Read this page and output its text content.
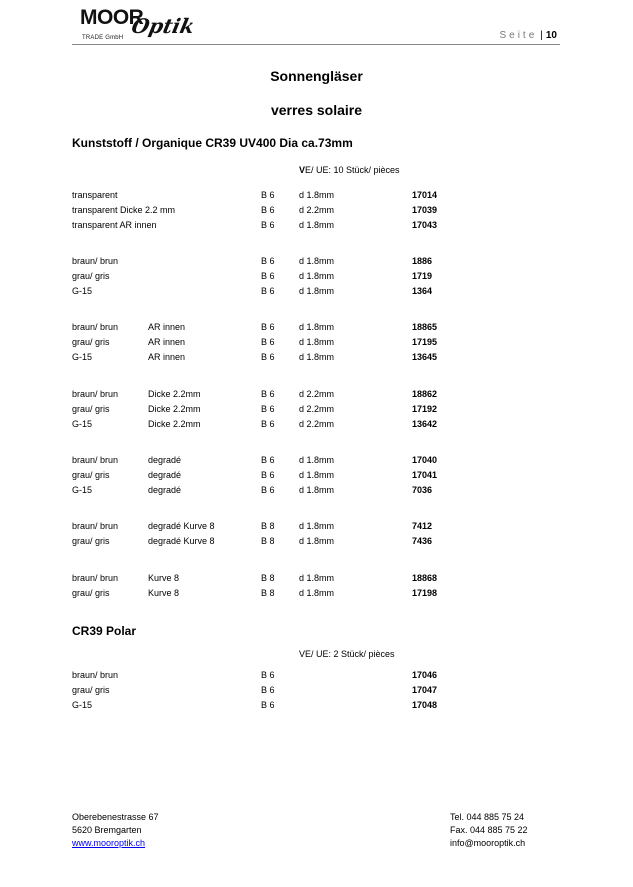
MOOR
Optik
TRADE GmbH	Seite | 10
Sonnengläser
verres solaire
Kunststoff / Organique CR39 UV400 Dia ca.73mm
VE/ UE: 10 Stück/ pièces
transparent	B 6	d 1.8mm	17014
transparent Dicke 2.2 mm	B 6	d 2.2mm	17039
transparent AR innen	B 6	d 1.8mm	17043
braun/ brun	B 6	d 1.8mm	1886
grau/ gris	B 6	d 1.8mm	1719
G-15	B 6	d 1.8mm	1364
braun/ brun	AR innen	B 6	d 1.8mm	18865
grau/ gris	AR innen	B 6	d 1.8mm	17195
G-15	AR innen	B 6	d 1.8mm	13645
braun/ brun	Dicke 2.2mm	B 6	d 2.2mm	18862
grau/ gris	Dicke 2.2mm	B 6	d 2.2mm	17192
G-15	Dicke 2.2mm	B 6	d 2.2mm	13642
braun/ brun	degradé	B 6	d 1.8mm	17040
grau/ gris	degradé	B 6	d 1.8mm	17041
G-15	degradé	B 6	d 1.8mm	7036
braun/ brun	degradé Kurve 8	B 8	d 1.8mm	7412
grau/ gris	degradé Kurve 8	B 8	d 1.8mm	7436
braun/ brun	Kurve 8	B 8	d 1.8mm	18868
grau/ gris	Kurve 8	B 8	d 1.8mm	17198
CR39 Polar
VE/ UE: 2 Stück/ pièces
braun/ brun	B 6	17046
grau/ gris	B 6	17047
G-15	B 6	17048
Oberebenestrasse 67
5620 Bremgarten
www.mooroptik.ch
Tel. 044 885 75 24
Fax. 044 885 75 22
info@mooroptik.ch
